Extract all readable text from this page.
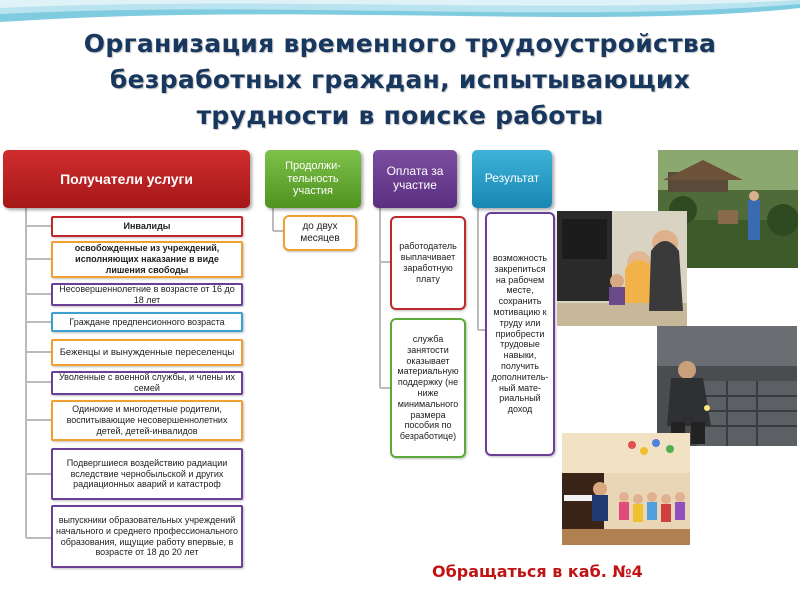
Организация временного трудоустройства
безработных граждан, испытывающих
трудности в поиске работы
Получатели услуги
Продолжи-тельность участия
Оплата за участие	Результат
Инвалиды
освобожденные из учреждений, исполняющих наказание в виде лишения свободы
Несовершеннолетние в возрасте от 16 до 18 лет
Граждане предпенсионного возраста
Беженцы и вынужденные переселенцы
Уволенные с военной службы, и члены их семей
Одинокие и многодетные родители, воспитывающие несовершеннолетних детей, детей-инвалидов
Подвергшиеся воздействию радиации вследствие чернобыльской и других радиационных аварий и катастроф
выпускники образовательных учреждений начального и среднего профессионального образования, ищущие работу впервые, в возрасте от 18 до 20 лет
до двух месяцев
работодатель выплачивает заработную плату
служба занятости оказывает материальную поддержку (не ниже минимального размера пособия по безработице)
возможность закрепиться на рабочем месте, сохранить мотивацию к труду или приобрести трудовые навыки, получить дополнитель-ный мате-риальный доход
Обращаться в каб. №4
